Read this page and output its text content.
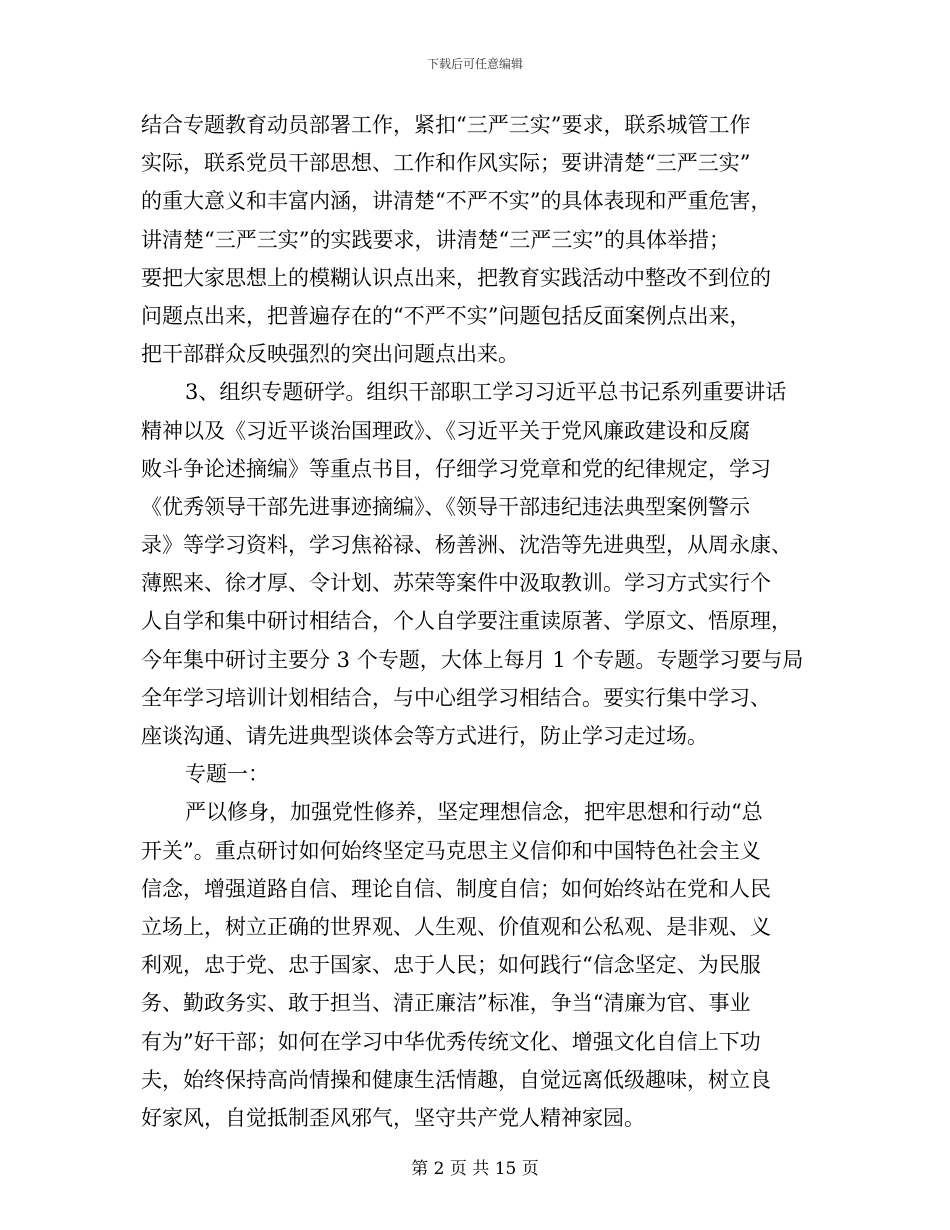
下载后可任意编辑
结合专题教育动员部署工作，紧扣“三严三实”要求，联系城管工作
实际，联系党员干部思想、工作和作风实际；要讲清楚“三严三实”
的重大意义和丰富内涵，讲清楚“不严不实”的具体表现和严重危害，
讲清楚“三严三实”的实践要求，讲清楚“三严三实”的具体举措；
要把大家思想上的模糊认识点出来，把教育实践活动中整改不到位的
问题点出来，把普遍存在的“不严不实”问题包括反面案例点出来，
把干部群众反映强烈的突出问题点出来。
3、组织专题研学。组织干部职工学习习近平总书记系列重要讲话
精神以及《习近平谈治国理政》、《习近平关于党风廉政建设和反腐
败斗争论述摘编》等重点书目，仔细学习党章和党的纪律规定，学习
《优秀领导干部先进事迹摘编》、《领导干部违纪违法典型案例警示
录》等学习资料，学习焦裕禄、杨善洲、沈浩等先进典型，从周永康、
薄熙来、徐才厚、令计划、苏荣等案件中汲取教训。学习方式实行个
人自学和集中研讨相结合，个人自学要注重读原著、学原文、悟原理，
今年集中研讨主要分 3 个专题，大体上每月 1 个专题。专题学习要与局
全年学习培训计划相结合，与中心组学习相结合。要实行集中学习、
座谈沟通、请先进典型谈体会等方式进行，防止学习走过场。
专题一：
严以修身，加强党性修养，坚定理想信念，把牢思想和行动“总
开关”。重点研讨如何始终坚定马克思主义信仰和中国特色社会主义
信念，增强道路自信、理论自信、制度自信；如何始终站在党和人民
立场上，树立正确的世界观、人生观、价值观和公私观、是非观、义
利观，忠于党、忠于国家、忠于人民；如何践行“信念坚定、为民服
务、勤政务实、敢于担当、清正廉洁”标准，争当“清廉为官、事业
有为”好干部；如何在学习中华优秀传统文化、增强文化自信上下功
夫，始终保持高尚情操和健康生活情趣，自觉远离低级趣味，树立良
好家风，自觉抵制歪风邪气，坚守共产党人精神家园。
第 2 页 共 15 页
